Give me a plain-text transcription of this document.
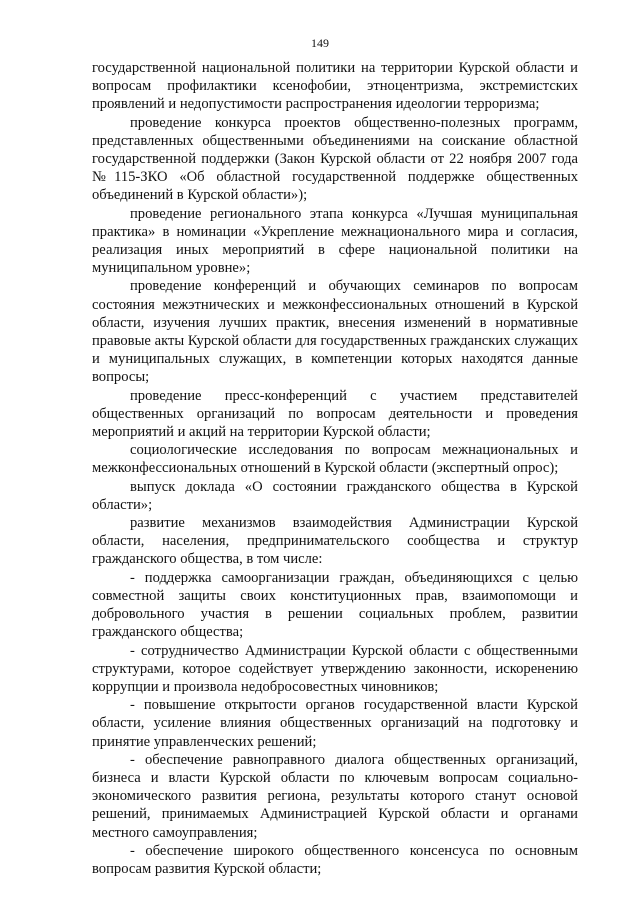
149

государственной национальной политики на территории Курской области и вопросам профилактики ксенофобии, этноцентризма, экстремистских проявлений и недопустимости распространения идеологии терроризма;

проведение конкурса проектов общественно-полезных программ, представленных общественными объединениями на соискание областной государственной поддержки (Закон Курской области от 22 ноября 2007 года №115-ЗКО «Об областной государственной поддержке общественных объединений в Курской области»);

проведение регионального этапа конкурса «Лучшая муниципальная практика» в номинации «Укрепление межнационального мира и согласия, реализация иных мероприятий в сфере национальной политики на муниципальном уровне»;

проведение конференций и обучающих семинаров по вопросам состояния межэтнических и межконфессиональных отношений в Курской области, изучения лучших практик, внесения изменений в нормативные правовые акты Курской области для государственных гражданских служащих и муниципальных служащих, в компетенции которых находятся данные вопросы;

проведение пресс-конференций с участием представителей общественных организаций по вопросам деятельности и проведения мероприятий и акций на территории Курской области;

социологические исследования по вопросам межнациональных и межконфессиональных отношений в Курской области (экспертный опрос);

выпуск доклада «О состоянии гражданского общества в Курской области»;

развитие механизмов взаимодействия Администрации Курской области, населения, предпринимательского сообщества и структур гражданского общества, в том числе:

- поддержка самоорганизации граждан, объединяющихся с целью совместной защиты своих конституционных прав, взаимопомощи и добровольного участия в решении социальных проблем, развитии гражданского общества;

- сотрудничество Администрации Курской области с общественными структурами, которое содействует утверждению законности, искоренению коррупции и произвола недобросовестных чиновников;

- повышение открытости органов государственной власти Курской области, усиление влияния общественных организаций на подготовку и принятие управленческих решений;

- обеспечение равноправного диалога общественных организаций, бизнеса и власти Курской области по ключевым вопросам социально-экономического развития региона, результаты которого станут основой решений, принимаемых Администрацией Курской области и органами местного самоуправления;

- обеспечение широкого общественного консенсуса по основным вопросам развития Курской области;
